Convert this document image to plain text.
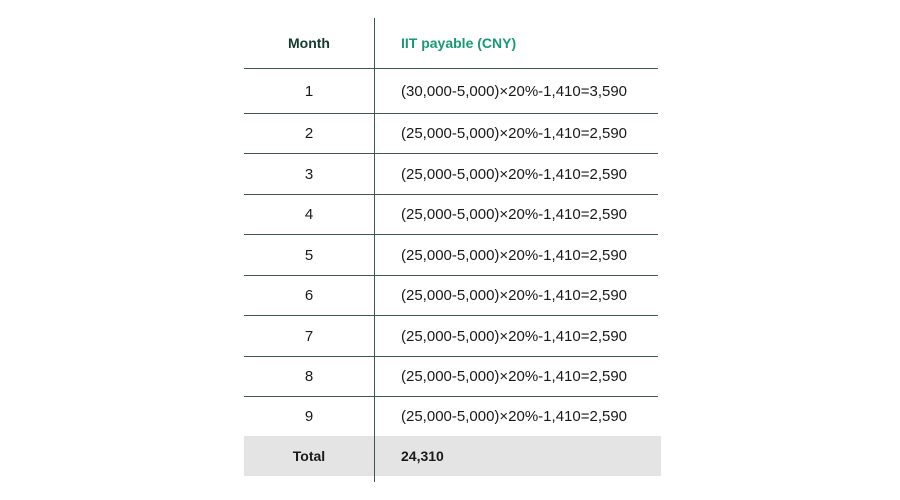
Month	IIT payable (CNY)
1	(30,000-5,000)×20%-1,410=3,590
2	(25,000-5,000)×20%-1,410=2,590
3	(25,000-5,000)×20%-1,410=2,590
4	(25,000-5,000)×20%-1,410=2,590
5	(25,000-5,000)×20%-1,410=2,590
6	(25,000-5,000)×20%-1,410=2,590
7	(25,000-5,000)×20%-1,410=2,590
8	(25,000-5,000)×20%-1,410=2,590
9	(25,000-5,000)×20%-1,410=2,590
Total	24,310
